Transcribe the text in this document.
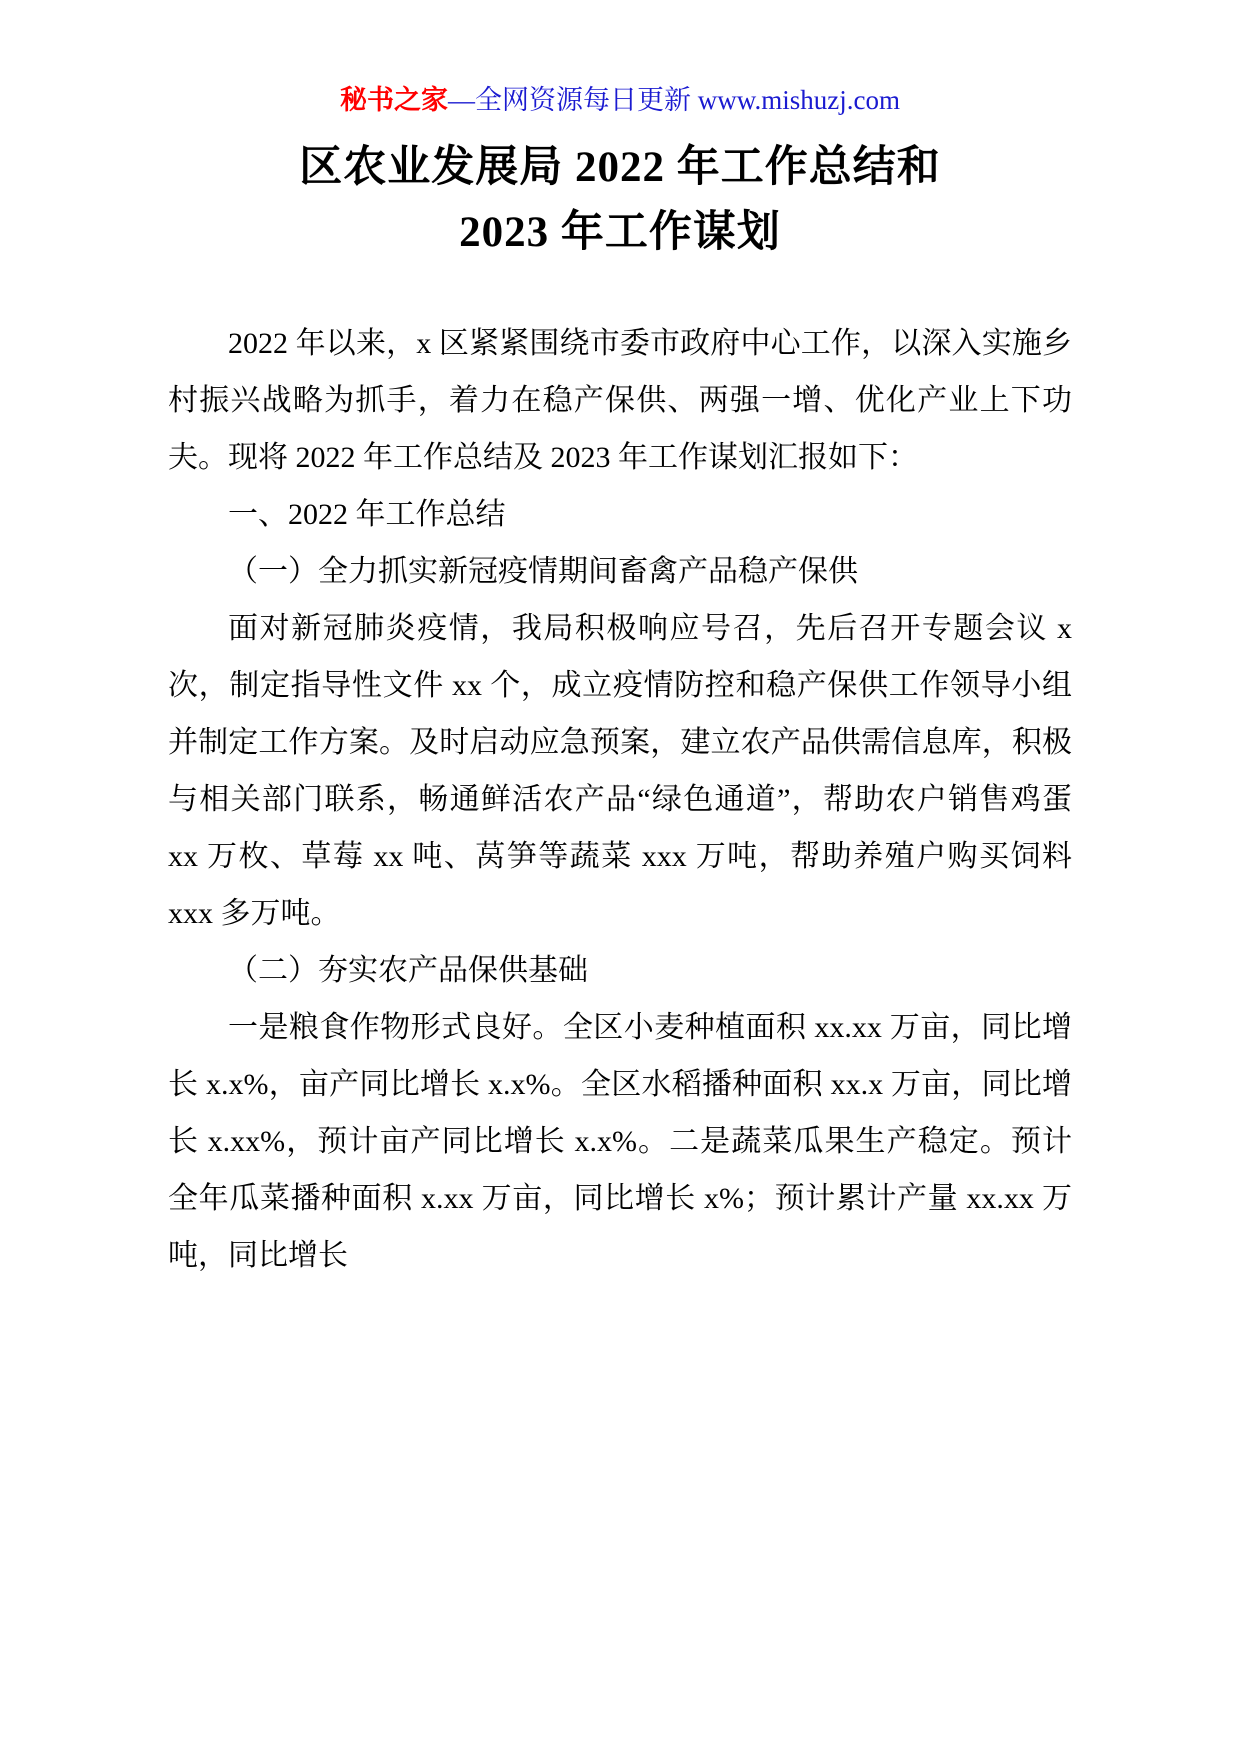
秘书之家—全网资源每日更新 www.mishuzj.com
区农业发展局 2022 年工作总结和
2023 年工作谋划

2022 年以来，x 区紧紧围绕市委市政府中心工作，以深入实施乡村振兴战略为抓手，着力在稳产保供、两强一增、优化产业上下功夫。现将 2022 年工作总结及 2023 年工作谋划汇报如下：

一、2022 年工作总结

（一）全力抓实新冠疫情期间畜禽产品稳产保供

面对新冠肺炎疫情，我局积极响应号召，先后召开专题会议 x 次，制定指导性文件 xx 个，成立疫情防控和稳产保供工作领导小组并制定工作方案。及时启动应急预案，建立农产品供需信息库，积极与相关部门联系，畅通鲜活农产品“绿色通道”，帮助农户销售鸡蛋 xx 万枚、草莓 xx 吨、莴笋等蔬菜 xxx 万吨，帮助养殖户购买饲料 xxx 多万吨。

（二）夯实农产品保供基础

一是粮食作物形式良好。全区小麦种植面积 xx.xx 万亩，同比增长 x.x%，亩产同比增长 x.x%。全区水稻播种面积 xx.x 万亩，同比增长 x.xx%，预计亩产同比增长 x.x%。二是蔬菜瓜果生产稳定。预计全年瓜菜播种面积 x.xx 万亩，同比增长 x%；预计累计产量 xx.xx 万吨，同比增长
